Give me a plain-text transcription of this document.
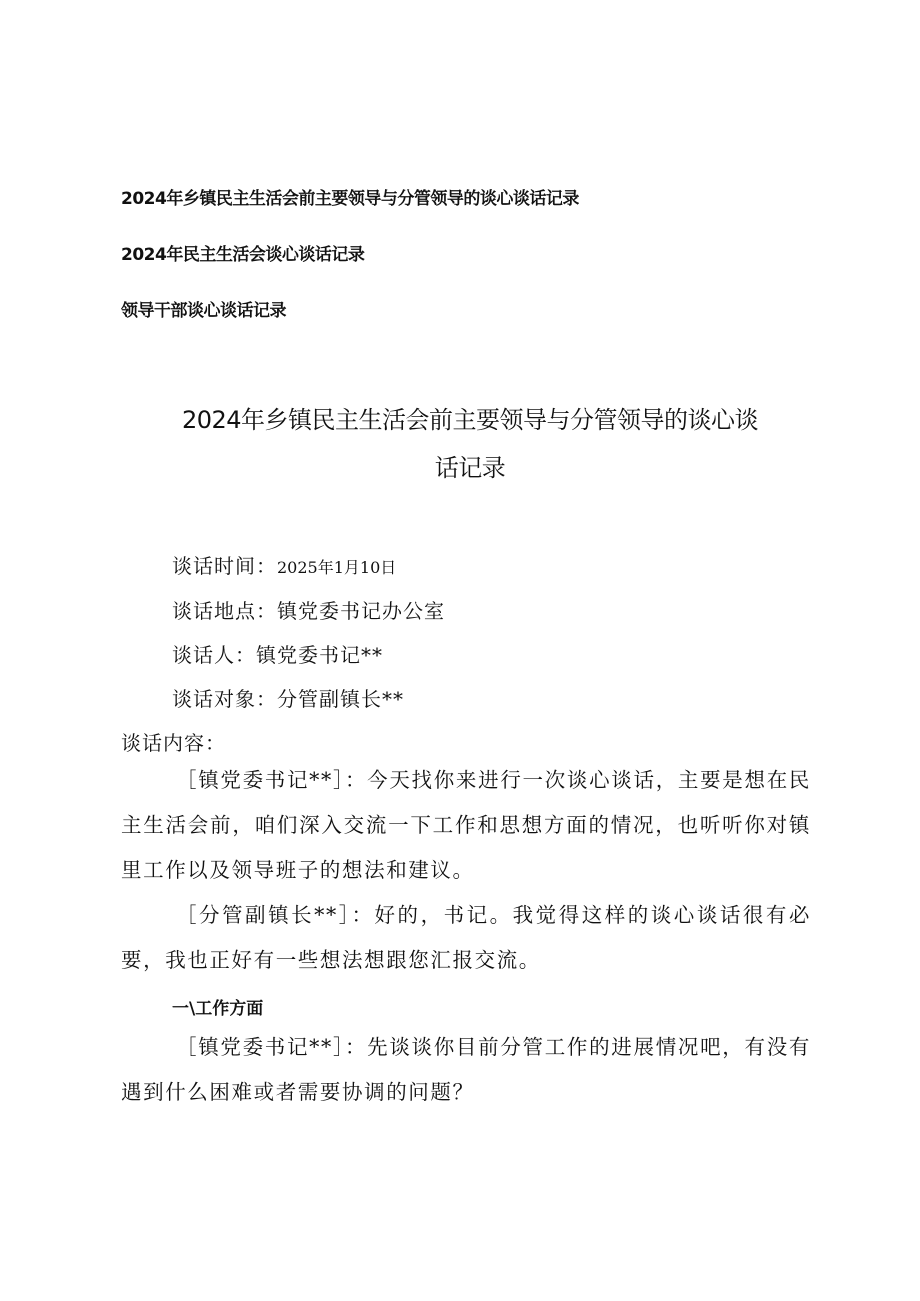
2024年乡镇民主生活会前主要领导与分管领导的谈心谈话记录
2024年民主生活会谈心谈话记录
领导干部谈心谈话记录
2024年乡镇民主生活会前主要领导与分管领导的谈心谈
话记录
谈话时间：2025年1月10日
谈话地点：镇党委书记办公室
谈话人：镇党委书记**
谈话对象：分管副镇长**
谈话内容：
［镇党委书记**］：今天找你来进行一次谈心谈话，主要是想在民主生活会前，咱们深入交流一下工作和思想方面的情况，也听听你对镇里工作以及领导班子的想法和建议。
［分管副镇长**］：好的，书记。我觉得这样的谈心谈话很有必要，我也正好有一些想法想跟您汇报交流。
一\工作方面
［镇党委书记**］：先谈谈你目前分管工作的进展情况吧，有没有遇到什么困难或者需要协调的问题？
